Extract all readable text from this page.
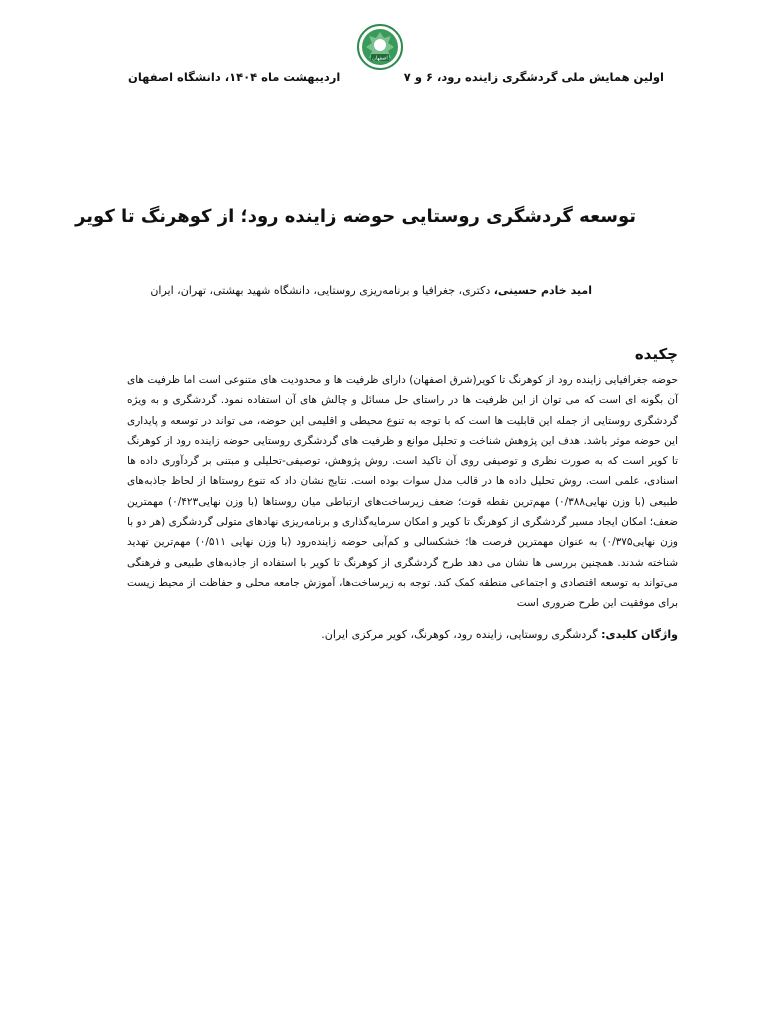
اصفهان
اولین همایش ملی گردشگری زاینده رود، ۶ و ۷
اردیبهشت ماه ۱۴۰۴، دانشگاه اصفهان
توسعه گردشگری روستایی حوضه زاینده رود؛ از کوهرنگ تا کویر
امید خادم حسینی، دکتری، جغرافیا و برنامه‌ریزی روستایی، دانشگاه شهید بهشتی، تهران، ایران
چکیده

حوضه جغرافیایی زاینده رود از کوهرنگ تا کویر(شرق اصفهان) دارای ظرفیت ها و محدودیت های متنوعی است اما ظرفیت های آن بگونه ای است که می توان از این ظرفیت ها در راستای حل مسائل و چالش های آن استفاده نمود. گردشگری و به ویژه گردشگری روستایی از جمله این قابلیت ها است که با توجه به تنوع محیطی و اقلیمی این حوضه، می تواند در توسعه و پایداری این حوضه موثر باشد. هدف این پژوهش شناخت و تحلیل موانع و ظرفیت های گردشگری روستایی حوضه زاینده رود از کوهرنگ تا کویر است که به صورت نظری و توصیفی روی آن تاکید است. روش پژوهش، توصیفی-تحلیلی و مبتنی بر گردآوری داده ها اسنادی، علمی است. روش تحلیل داده ها در قالب مدل سوات بوده است. نتایج نشان داد که تنوع روستاها از لحاظ جاذبه‌های طبیعی (با وزن نهایی۰/۳۸۸) مهم‌ترین نقطه قوت؛ ضعف زیرساخت‌های ارتباطی میان روستاها (با وزن نهایی۰/۴۲۳) مهمترین ضعف؛ امکان ایجاد مسیر گردشگری از کوهرنگ تا کویر و امکان سرمایه‌گذاری و برنامه‌ریزی نهادهای متولی گردشگری (هر دو با وزن نهایی۰/۳۷۵) به عنوان مهمترین فرصت ها؛ خشکسالی و کم‌آبی حوضه زاینده‌رود (با وزن نهایی ۰/۵۱۱) مهم‌ترین تهدید شناخته شدند. همچنین بررسی ها نشان می دهد طرح گردشگری از کوهرنگ تا کویر با استفاده از جاذبه‌های طبیعی و فرهنگی می‌تواند به توسعه اقتصادی و اجتماعی منطقه کمک کند. توجه به زیرساخت‌ها، آموزش جامعه محلی و حفاظت از محیط زیست برای موفقیت این طرح ضروری است

واژگان کلیدی: گردشگری روستایی، زاینده رود، کوهرنگ، کویر مرکزی ایران.
